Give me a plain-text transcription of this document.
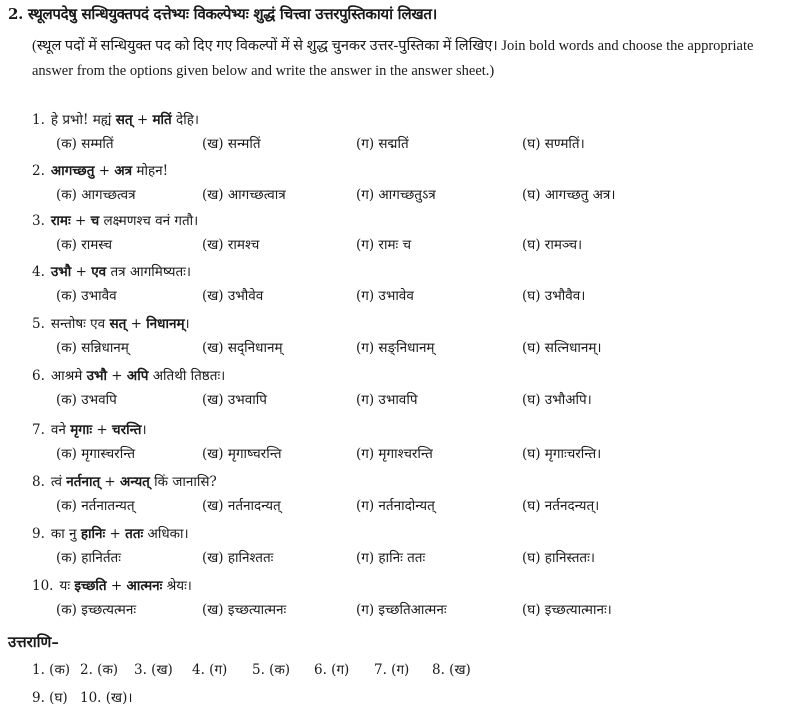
2. स्थूलपदेषु सन्धियुक्तपदं दत्तेभ्यः विकल्पेभ्यः शुद्धं चित्त्वा उत्तरपुस्तिकायां लिखत।
(स्थूल पदों में सन्धियुक्त पद को दिए गए विकल्पों में से शुद्ध चुनकर उत्तर-पुस्तिका में लिखिए। Join bold words and choose the appropriate answer from the options given below and write the answer in the answer sheet.)
1. हे प्रभो! मह्यं सत् + मतिं देहि।
(क) सम्मतिं	(ख) सन्मतिं	(ग) सद्मतिं	(घ) सण्मतिं।
2. आगच्छतु + अत्र मोहन!
(क) आगच्छत्वत्र	(ख) आगच्छत्वात्र	(ग) आगच्छतुऽत्र	(घ) आगच्छतु अत्र।
3. रामः + च लक्ष्मणश्च वनं गतौ।
(क) रामस्च	(ख) रामश्च	(ग) रामः च	(घ) रामञ्च।
4. उभौ + एव तत्र आगमिष्यतः।
(क) उभावैव	(ख) उभौवेव	(ग) उभावेव	(घ) उभौवैव।
5. सन्तोषः एव सत् + निधानम्।
(क) सन्निधानम्	(ख) सद्निधानम्	(ग) सङ्निधानम्	(घ) सत्निधानम्।
6. आश्रमे उभौ + अपि अतिथी तिष्ठतः।
(क) उभवपि	(ख) उभवापि	(ग) उभावपि	(घ) उभौअपि।
7. वने मृगाः + चरन्ति।
(क) मृगास्चरन्ति	(ख) मृगाष्चरन्ति	(ग) मृगाश्चरन्ति	(घ) मृगाःचरन्ति।
8. त्वं नर्तनात् + अन्यत् किं जानासि?
(क) नर्तनातन्यत्	(ख) नर्तनादन्यत्	(ग) नर्तनादोन्यत्	(घ) नर्तनदन्यत्।
9. का नु हानिः + ततः अधिका।
(क) हानिर्ततः	(ख) हानिश्ततः	(ग) हानिः ततः	(घ) हानिस्ततः।
10. यः इच्छति + आत्मनः श्रेयः।
(क) इच्छत्यत्मनः	(ख) इच्छत्यात्मनः	(ग) इच्छतिआत्मनः	(घ) इच्छत्यात्मानः।
उत्तराणि–
1. (क) 2. (क) 3. (ख) 4. (ग) 5. (क) 6. (ग) 7. (ग) 8. (ख)
9. (घ) 10. (ख)।
